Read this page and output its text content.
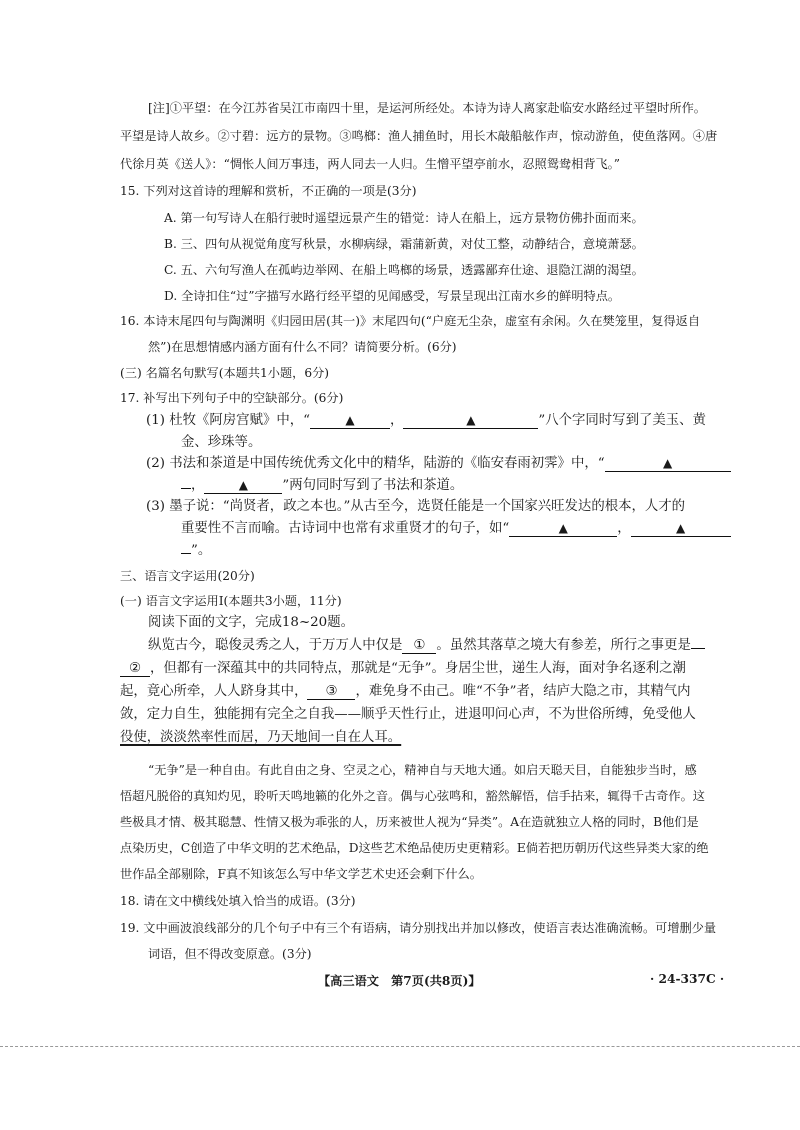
[注]①平望：在今江苏省吴江市南四十里，是运河所经处。本诗为诗人离家赴临安水路经过平望时所作。
平望是诗人故乡。②寸碧：远方的景物。③鸣榔：渔人捕鱼时，用长木敲船舷作声，惊动游鱼，使鱼落网。④唐
代徐月英《送人》：“惆怅人间万事违，两人同去一人归。生憎平望亭前水，忍照鸳鸯相背飞。”
15. 下列对这首诗的理解和赏析，不正确的一项是(3分)
A. 第一句写诗人在船行驶时遥望远景产生的错觉：诗人在船上，远方景物仿佛扑面而来。
B. 三、四句从视觉角度写秋景，水柳病绿，霜蒲新黄，对仗工整，动静结合，意境萧瑟。
C. 五、六句写渔人在孤屿边举网、在船上鸣榔的场景，透露鄙弃仕途、退隐江湖的渴望。
D. 全诗扣住“过”字描写水路行经平望的见闻感受，写景呈现出江南水乡的鲜明特点。
16. 本诗末尾四句与陶渊明《归园田居(其一)》末尾四句(“户庭无尘杂，虚室有余闲。久在樊笼里，复得返自
然”)在思想情感内涵方面有什么不同？请简要分析。(6分)
(三) 名篇名句默写(本题共1小题，6分)
17. 补写出下列句子中的空缺部分。(6分)
(1) 杜牧《阿房宫赋》中，“	▲	，	▲	”八个字同时写到了美玉、黄
金、珍珠等。
(2) 书法和茶道是中国传统优秀文化中的精华，陆游的《临安春雨初霁》中，“	▲
，	▲	”两句同时写到了书法和茶道。
(3) 墨子说：“尚贤者，政之本也。”从古至今，选贤任能是一个国家兴旺发达的根本，人才的
重要性不言而喻。古诗词中也常有求重贤才的句子，如“	▲	，	▲
”。
三、语言文字运用(20分)
(一) 语言文字运用Ⅰ(本题共3小题，11分)
阅读下面的文字，完成18~20题。
纵览古今，聪俊灵秀之人，于万万人中仅是 ① 。虽然其落草之境大有参差，所行之事更是
② ，但都有一深蕴其中的共同特点，那就是“无争”。身居尘世，递生人海，面对争名逐利之潮
起，竟心所牵，人人跻身其中， ③ ，难免身不由己。唯“不争”者，结庐大隐之市，其精气内
敛，定力自生，独能拥有完全之自我——顺乎天性行止，进退叩问心声，不为世俗所缚，免受他人
役使，淡淡然率性而居，乃天地间一自在人耳。
“无争”是一种自由。有此自由之身、空灵之心，精神自与天地大通。如启天聪天目，自能独步当时，感
悟超凡脱俗的真知灼见，聆听天鸣地籁的化外之音。偶与心弦鸣和，豁然解悟，信手拈来，辄得千古奇作。这
些极具才情、极其聪慧、性情又极为乖张的人，历来被世人视为“异类”。A在造就独立人格的同时，B他们是
点染历史，C创造了中华文明的艺术绝品，D这些艺术绝品使历史更精彩。E倘若把历朝历代这些异类大家的绝
世作品全部剔除，F真不知该怎么写中华文学艺术史还会剩下什么。
18. 请在文中横线处填入恰当的成语。(3分)
19. 文中画波浪线部分的几个句子中有三个有语病，请分别找出并加以修改，使语言表达准确流畅。可增删少量
词语，但不得改变原意。(3分)
【高三语文　第7页(共8页)】	· 24-337C ·
